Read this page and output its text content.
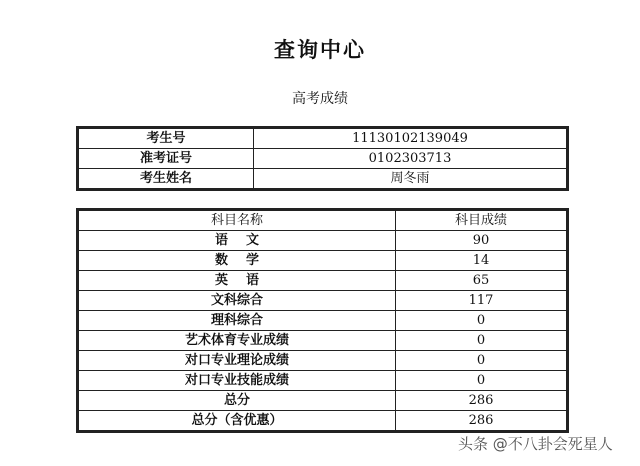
查询中心
高考成绩
考生号	11130102139049
准考证号	0102303713
考生姓名	周冬雨
科目名称	科目成绩
语    文	90
数    学	14
英    语	65
文科综合	117
理科综合	0
艺术体育专业成绩	0
对口专业理论成绩	0
对口专业技能成绩	0
总分	286
总分（含优惠）	286
头条 @不八卦会死星人
